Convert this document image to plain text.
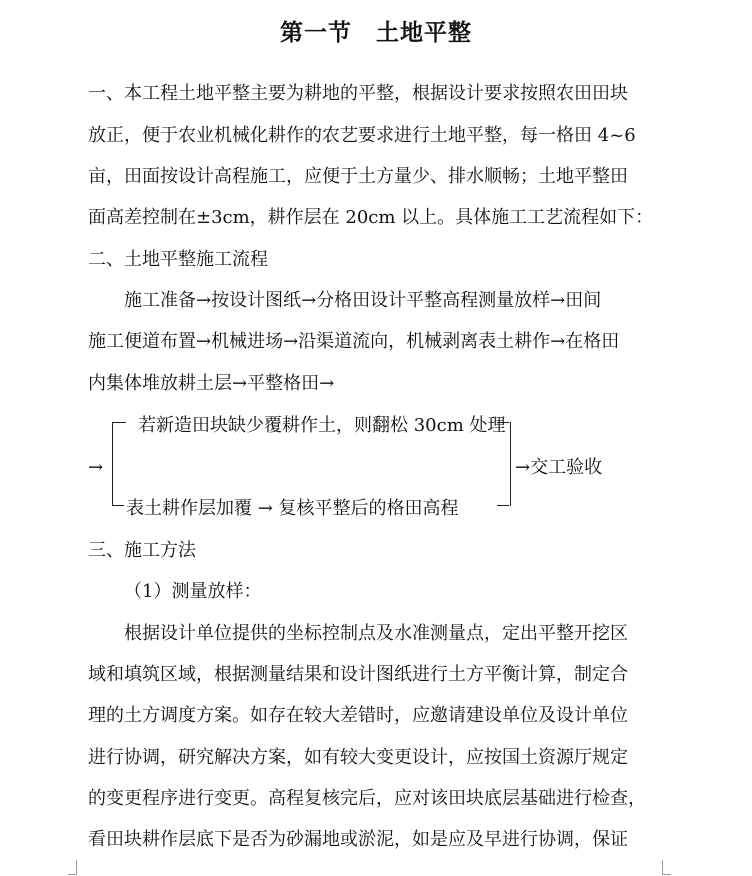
第一节　土地平整
一、本工程土地平整主要为耕地的平整，根据设计要求按照农田田块
放正，便于农业机械化耕作的农艺要求进行土地平整，每一格田 4~6
亩，田面按设计高程施工，应便于土方量少、排水顺畅；土地平整田
面高差控制在±3cm，耕作层在 20cm 以上。具体施工工艺流程如下：
二、土地平整施工流程
施工准备→按设计图纸→分格田设计平整高程测量放样→田间
施工便道布置→机械进场→沿渠道流向，机械剥离表土耕作→在格田
内集体堆放耕土层→平整格田→
→
若新造田块缺少覆耕作土，则翻松 30cm 处理
表土耕作层加覆 → 复核平整后的格田高程
→交工验收
三、施工方法
（1）测量放样：
根据设计单位提供的坐标控制点及水准测量点，定出平整开挖区
域和填筑区域，根据测量结果和设计图纸进行土方平衡计算，制定合
理的土方调度方案。如存在较大差错时，应邀请建设单位及设计单位
进行协调，研究解决方案，如有较大变更设计，应按国土资源厅规定
的变更程序进行变更。高程复核完后，应对该田块底层基础进行检查，
看田块耕作层底下是否为砂漏地或淤泥，如是应及早进行协调，保证
